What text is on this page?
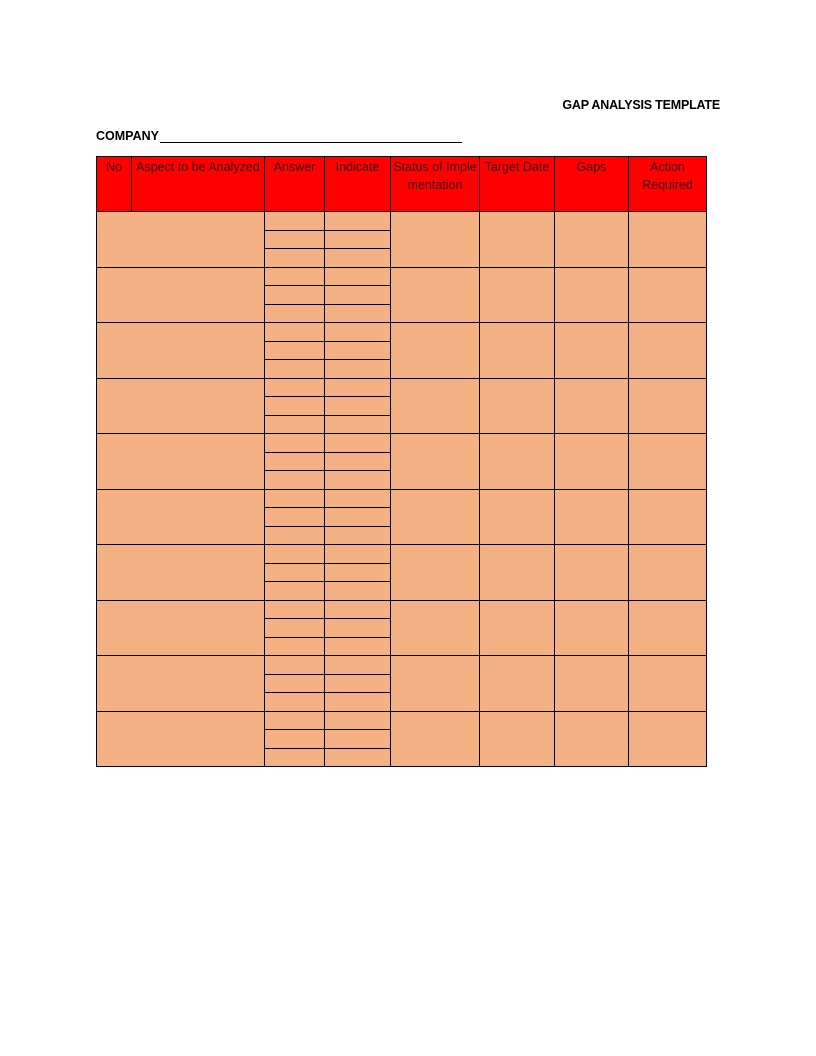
GAP ANALYSIS TEMPLATE
COMPANY
No	Aspect to be Analyzed	Answer	Indicate	Status of Implementation	Target Date	Gaps	Action Required
